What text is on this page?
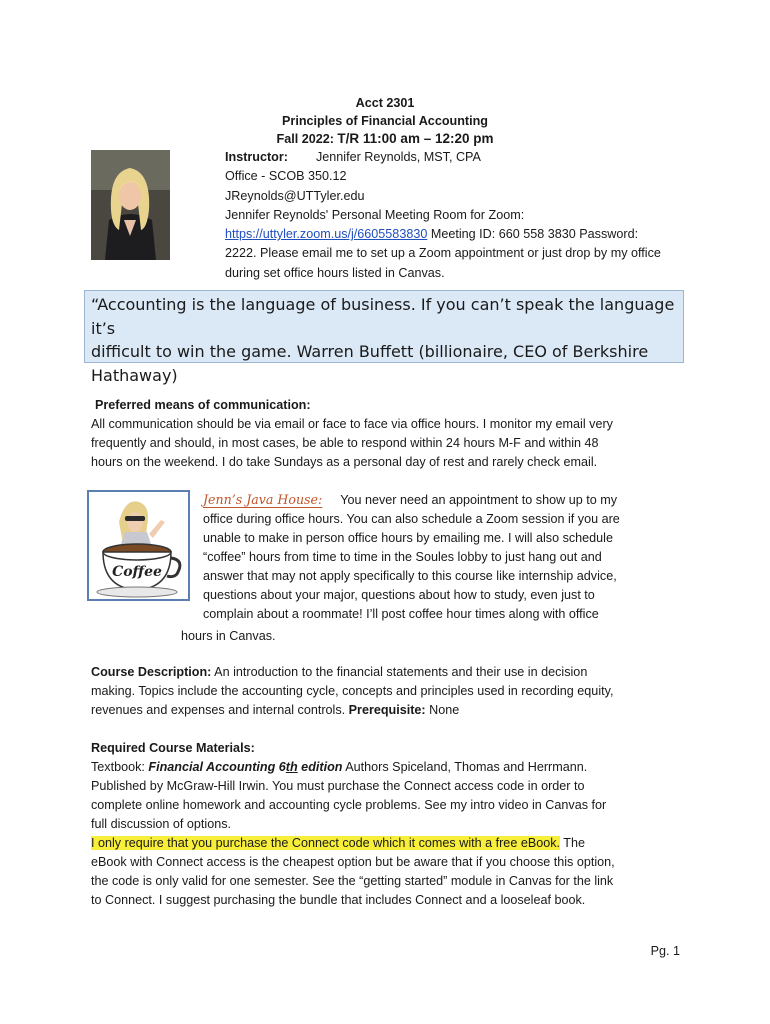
Acct 2301
Principles of Financial Accounting
Fall 2022: T/R 11:00 am – 12:20 pm
Instructor: Jennifer Reynolds, MST, CPA
Office - SCOB 350.12
JReynolds@UTTyler.edu
Jennifer Reynolds' Personal Meeting Room for Zoom:
https://uttyler.zoom.us/j/6605583830 Meeting ID: 660 558 3830 Password:
2222. Please email me to set up a Zoom appointment or just drop by my office
during set office hours listed in Canvas.
“Accounting is the language of business. If you can’t speak the language it’s
difficult to win the game. Warren Buffett (billionaire, CEO of Berkshire
Hathaway)
Preferred means of communication:
All communication should be via email or face to face via office hours. I monitor my email very
frequently and should, in most cases, be able to respond within 24 hours M-F and within 48
hours on the weekend. I do take Sundays as a personal day of rest and rarely check email.
Coffee
Jenn’s Java House: You never need an appointment to show up to my
office during office hours. You can also schedule a Zoom session if you are
unable to make in person office hours by emailing me. I will also schedule
“coffee” hours from time to time in the Soules lobby to just hang out and
answer that may not apply specifically to this course like internship advice,
questions about your major, questions about how to study, even just to
complain about a roommate! I’ll post coffee hour times along with office
hours in Canvas.
Course Description: An introduction to the financial statements and their use in decision
making. Topics include the accounting cycle, concepts and principles used in recording equity,
revenues and expenses and internal controls. Prerequisite: None
Required Course Materials:
Textbook: Financial Accounting 6th edition Authors Spiceland, Thomas and Herrmann.
Published by McGraw-Hill Irwin. You must purchase the Connect access code in order to
complete online homework and accounting cycle problems. See my intro video in Canvas for
full discussion of options.
I only require that you purchase the Connect code which it comes with a free eBook. The
eBook with Connect access is the cheapest option but be aware that if you choose this option,
the code is only valid for one semester. See the “getting started” module in Canvas for the link
to Connect. I suggest purchasing the bundle that includes Connect and a looseleaf book.
Pg. 1
